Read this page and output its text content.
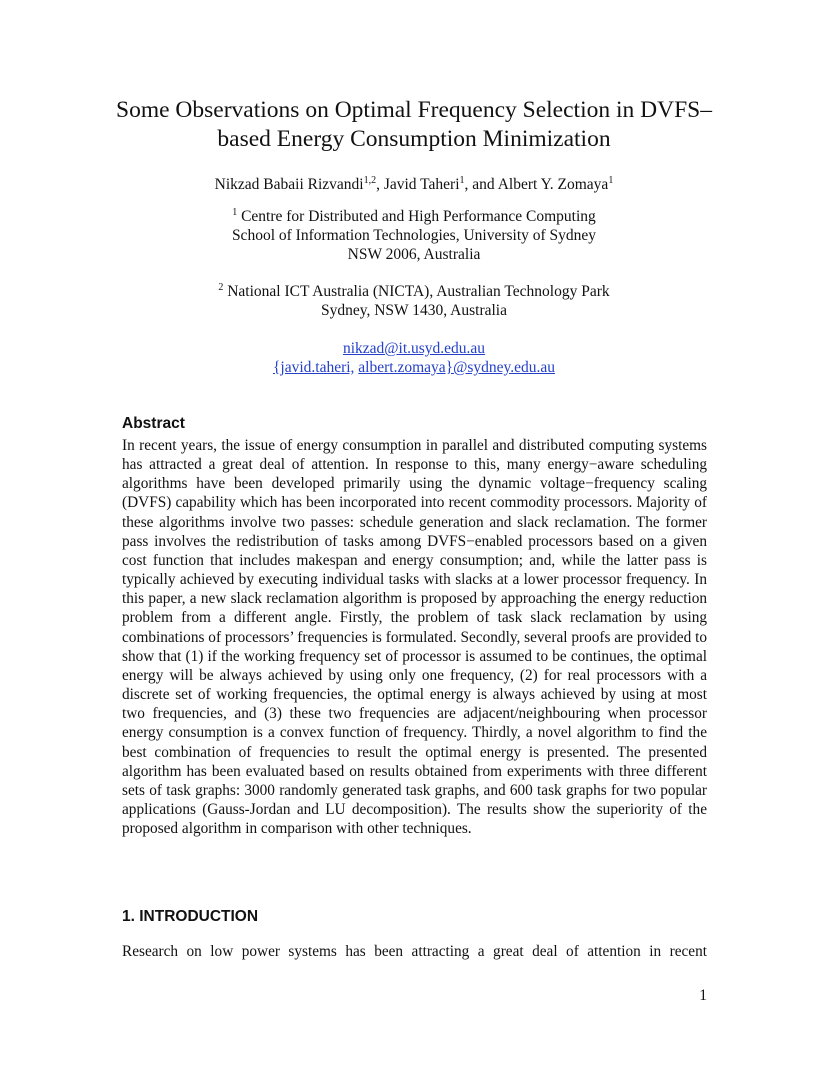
Some Observations on Optimal Frequency Selection in DVFS–
based Energy Consumption Minimization

Nikzad Babaii Rizvandi$^{1,2}$, Javid Taheri$^1$, and Albert Y. Zomaya$^1$

$^1$ Centre for Distributed and High Performance Computing

School of Information Technologies, University of Sydney

NSW 2006, Australia

$^2$ National ICT Australia (NICTA), Australian Technology Park

Sydney, NSW 1430, Australia

nikzad@it.usyd.edu.au

{javid.taheri, albert.zomaya}@sydney.edu.au

Abstract

In recent years, the issue of energy consumption in parallel and distributed computing systems has attracted a great deal of attention. In response to this, many energy−aware scheduling algorithms have been developed primarily using the dynamic voltage−frequency scaling (DVFS) capability which has been incorporated into recent commodity processors. Majority of these algorithms involve two passes: schedule generation and slack reclamation. The former pass involves the redistribution of tasks among DVFS−enabled processors based on a given cost function that includes makespan and energy consumption; and, while the latter pass is typically achieved by executing individual tasks with slacks at a lower processor frequency. In this paper, a new slack reclamation algorithm is proposed by approaching the energy reduction problem from a different angle. Firstly, the problem of task slack reclamation by using combinations of processors’ frequencies is formulated. Secondly, several proofs are provided to show that (1) if the working frequency set of processor is assumed to be continues, the optimal energy will be always achieved by using only one frequency, (2) for real processors with a discrete set of working frequencies, the optimal energy is always achieved by using at most two frequencies, and (3) these two frequencies are adjacent/neighbouring when processor energy consumption is a convex function of frequency. Thirdly, a novel algorithm to find the best combination of frequencies to result the optimal energy is presented. The presented algorithm has been evaluated based on results obtained from experiments with three different sets of task graphs: 3000 randomly generated task graphs, and 600 task graphs for two popular applications (Gauss-Jordan and LU decomposition). The results show the superiority of the proposed algorithm in comparison with other techniques.

1. INTRODUCTION

Research on low power systems has been attracting a great deal of attention in recent

1
